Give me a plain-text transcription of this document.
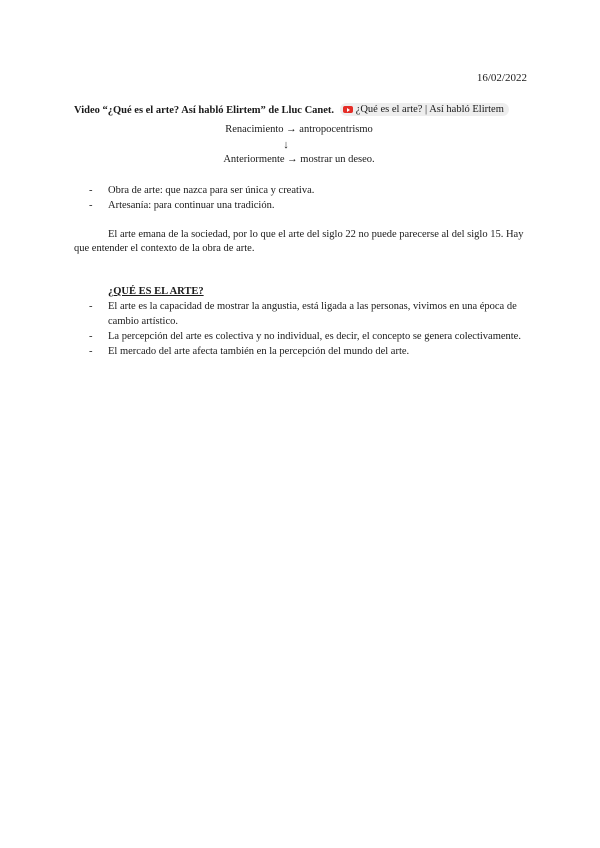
16/02/2022
Video “¿Qué es el arte? Así habló Elirtem” de Lluc Canet. ¿Qué es el arte? | Así habló Elirtem
Renacimiento → antropocentrismo
↓
Anteriormente → mostrar un deseo.
- Obra de arte: que nazca para ser única y creativa.
- Artesanía: para continuar una tradición.
El arte emana de la sociedad, por lo que el arte del siglo 22 no puede parecerse al del siglo 15. Hay que entender el contexto de la obra de arte.
¿QUÉ ES EL ARTE?
- El arte es la capacidad de mostrar la angustia, está ligada a las personas, vivimos en una época de cambio artístico.
- La percepción del arte es colectiva y no individual, es decir, el concepto se genera colectivamente.
- El mercado del arte afecta también en la percepción del mundo del arte.
